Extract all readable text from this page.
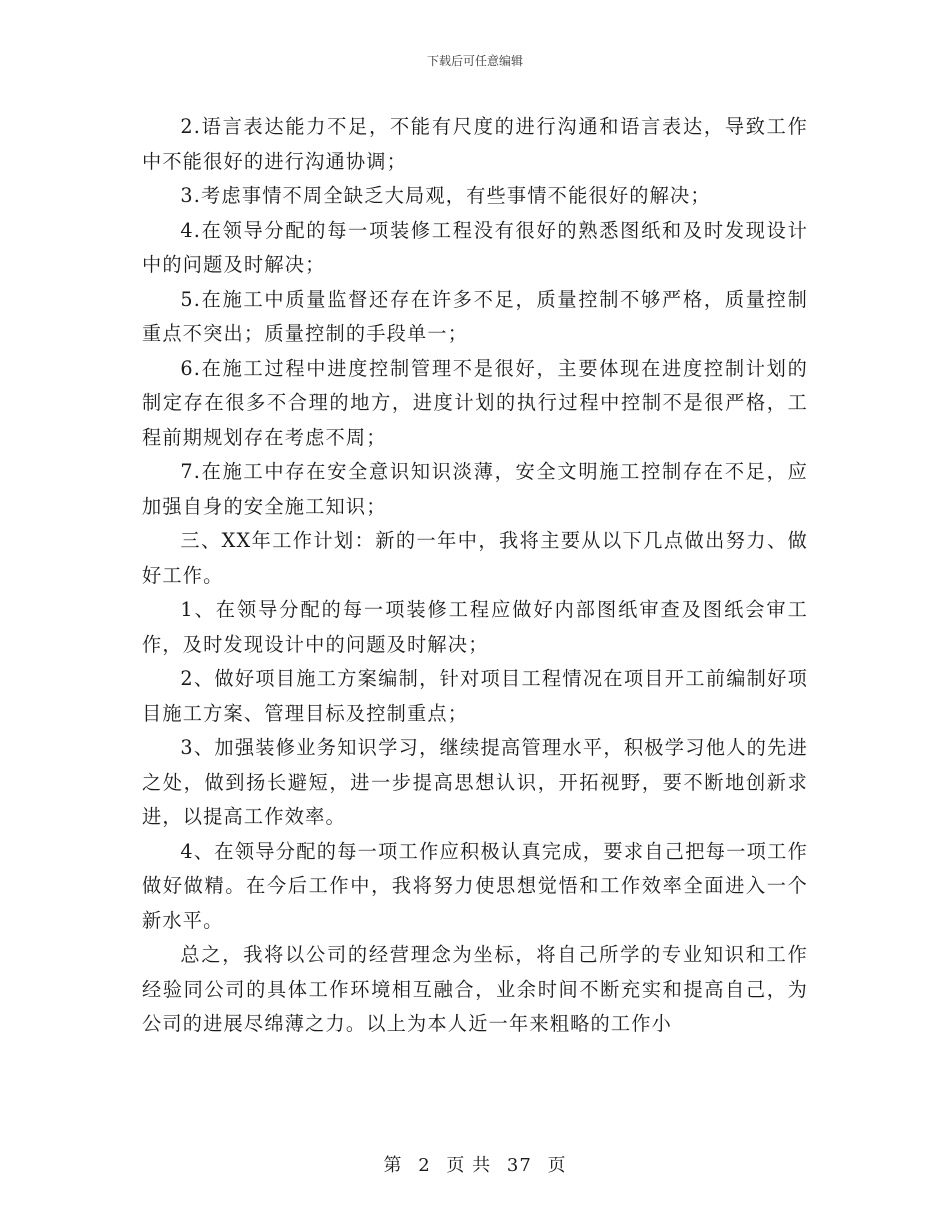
下载后可任意编辑

2.语言表达能力不足，不能有尺度的进行沟通和语言表达，导致工作中不能很好的进行沟通协调；

3.考虑事情不周全缺乏大局观，有些事情不能很好的解决；

4.在领导分配的每一项装修工程没有很好的熟悉图纸和及时发现设计中的问题及时解决；

5.在施工中质量监督还存在许多不足，质量控制不够严格，质量控制重点不突出；质量控制的手段单一；

6.在施工过程中进度控制管理不是很好，主要体现在进度控制计划的制定存在很多不合理的地方，进度计划的执行过程中控制不是很严格，工程前期规划存在考虑不周；

7.在施工中存在安全意识知识淡薄，安全文明施工控制存在不足，应加强自身的安全施工知识；

三、XX年工作计划：新的一年中，我将主要从以下几点做出努力、做好工作。

1、在领导分配的每一项装修工程应做好内部图纸审查及图纸会审工作，及时发现设计中的问题及时解决；

2、做好项目施工方案编制，针对项目工程情况在项目开工前编制好项目施工方案、管理目标及控制重点；

3、加强装修业务知识学习，继续提高管理水平，积极学习他人的先进之处，做到扬长避短，进一步提高思想认识，开拓视野，要不断地创新求进，以提高工作效率。

4、在领导分配的每一项工作应积极认真完成，要求自己把每一项工作做好做精。在今后工作中，我将努力使思想觉悟和工作效率全面进入一个新水平。

总之，我将以公司的经营理念为坐标，将自己所学的专业知识和工作经验同公司的具体工作环境相互融合，业余时间不断充实和提高自己，为公司的进展尽绵薄之力。以上为本人近一年来粗略的工作小

第 2 页 共 37 页
